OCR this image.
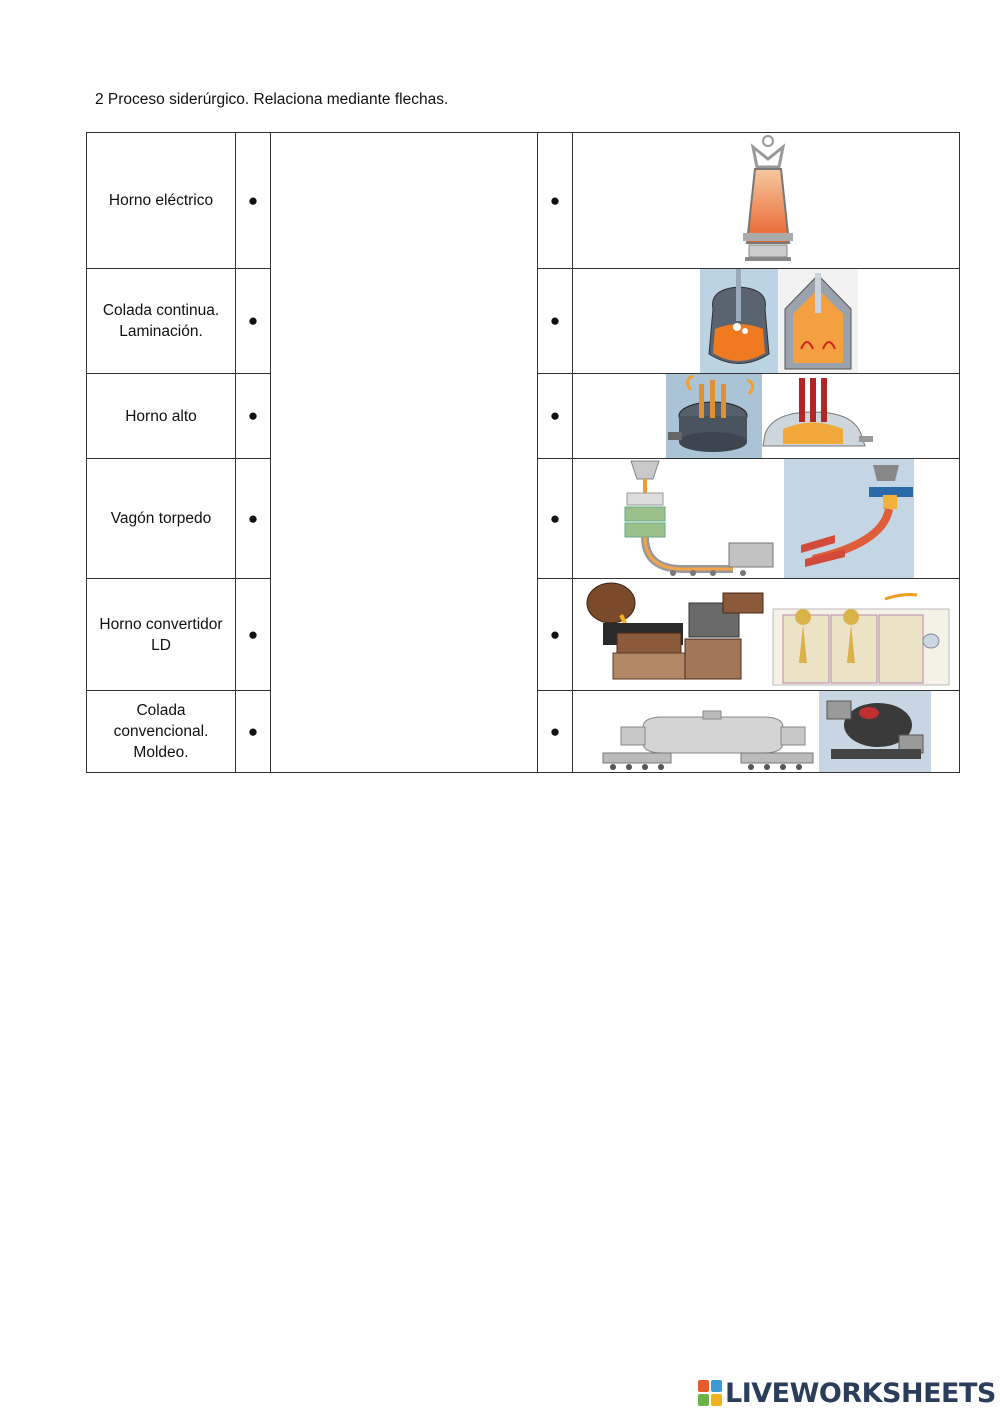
2 Proceso siderúrgico. Relaciona mediante flechas.
Horno eléctrico	●		●	

Colada continua.
Laminación.	●		●	

Horno alto	●		●	

Vagón torpedo	●		●	

Horno convertidor
LD	●		●	

Colada
convencional.
Moldeo.	●		●	
LIVEWORKSHEETS
